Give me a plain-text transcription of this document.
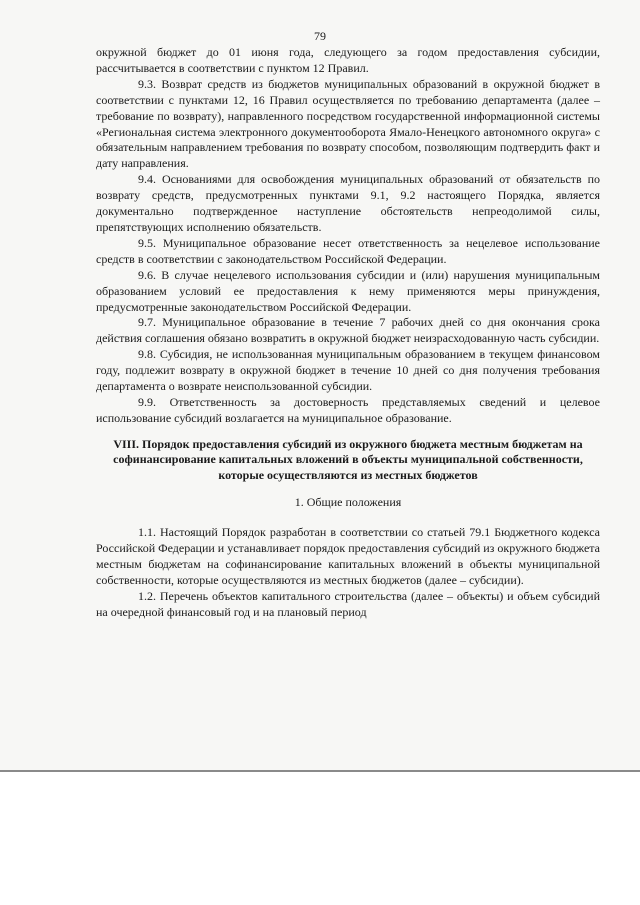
79

окружной бюджет до 01 июня года, следующего за годом предоставления субсидии, рассчитывается в соответствии с пунктом 12 Правил.

9.3. Возврат средств из бюджетов муниципальных образований в окружной бюджет в соответствии с пунктами 12, 16 Правил осуществляется по требованию департамента (далее – требование по возврату), направленного посредством государственной информационной системы «Региональная система электронного документооборота Ямало-Ненецкого автономного округа» с обязательным направлением требования по возврату способом, позволяющим подтвердить факт и дату направления.

9.4. Основаниями для освобождения муниципальных образований от обязательств по возврату средств, предусмотренных пунктами 9.1, 9.2 настоящего Порядка, является документально подтвержденное наступление обстоятельств непреодолимой силы, препятствующих исполнению обязательств.

9.5. Муниципальное образование несет ответственность за нецелевое использование средств в соответствии с законодательством Российской Федерации.

9.6. В случае нецелевого использования субсидии и (или) нарушения муниципальным образованием условий ее предоставления к нему применяются меры принуждения, предусмотренные законодательством Российской Федерации.

9.7. Муниципальное образование в течение 7 рабочих дней со дня окончания срока действия соглашения обязано возвратить в окружной бюджет неизрасходованную часть субсидии.

9.8. Субсидия, не использованная муниципальным образованием в текущем финансовом году, подлежит возврату в окружной бюджет в течение 10 дней со дня получения требования департамента о возврате неиспользованной субсидии.

9.9. Ответственность за достоверность представляемых сведений и целевое использование субсидий возлагается на муниципальное образование.

VIII. Порядок предоставления субсидий из окружного бюджета местным бюджетам на софинансирование капитальных вложений в объекты муниципальной собственности, которые осуществляются из местных бюджетов

1. Общие положения

1.1. Настоящий Порядок разработан в соответствии со статьей 79.1 Бюджетного кодекса Российской Федерации и устанавливает порядок предоставления субсидий из окружного бюджета местным бюджетам на софинансирование капитальных вложений в объекты муниципальной собственности, которые осуществляются из местных бюджетов (далее – субсидии).

1.2. Перечень объектов капитального строительства (далее – объекты) и объем субсидий на очередной финансовый год и на плановый период
